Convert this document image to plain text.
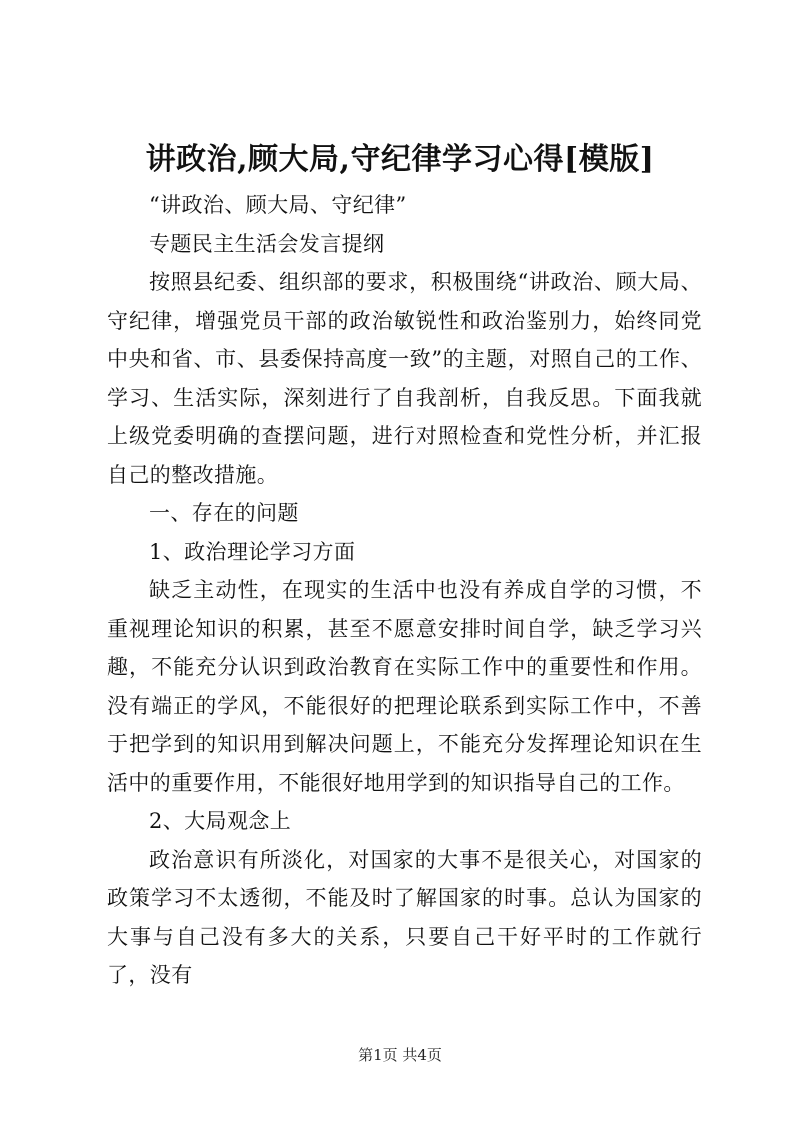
讲政治,顾大局,守纪律学习心得[模版]

“讲政治、顾大局、守纪律”

专题民主生活会发言提纲

按照县纪委、组织部的要求，积极围绕“讲政治、顾大局、守纪律，增强党员干部的政治敏锐性和政治鉴别力，始终同党中央和省、市、县委保持高度一致”的主题，对照自己的工作、学习、生活实际，深刻进行了自我剖析，自我反思。下面我就上级党委明确的查摆问题，进行对照检查和党性分析，并汇报自己的整改措施。

一、存在的问题

1、政治理论学习方面

缺乏主动性，在现实的生活中也没有养成自学的习惯，不重视理论知识的积累，甚至不愿意安排时间自学，缺乏学习兴趣，不能充分认识到政治教育在实际工作中的重要性和作用。没有端正的学风，不能很好的把理论联系到实际工作中，不善于把学到的知识用到解决问题上，不能充分发挥理论知识在生活中的重要作用，不能很好地用学到的知识指导自己的工作。

2、大局观念上

政治意识有所淡化，对国家的大事不是很关心，对国家的政策学习不太透彻，不能及时了解国家的时事。总认为国家的大事与自己没有多大的关系，只要自己干好平时的工作就行了，没有

第1页 共4页
